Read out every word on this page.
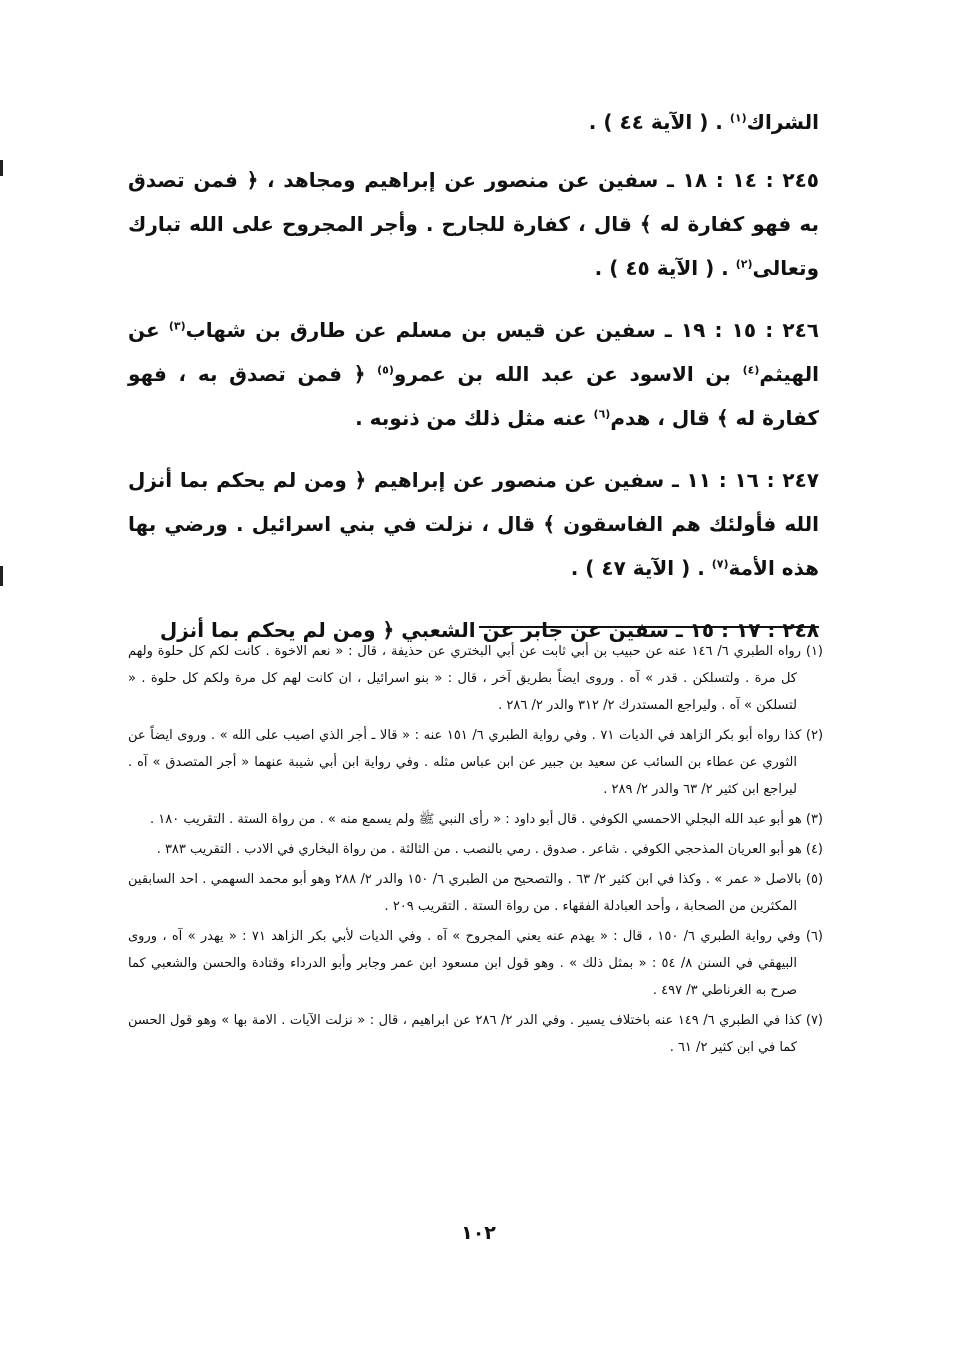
الشراك$^{(١)}$ . ( الآية ٤٤ ) .

٢٤٥ : ١٤ : ١٨ ـ سفين عن منصور عن إبراهيم ومجاهد ، ﴿ فمن تصدق به فهو كفارة له ﴾ قال ، كفارة للجارح . وأجر المجروح على الله تبارك وتعالى$^{(٢)}$ . ( الآية ٤٥ ) .

٢٤٦ : ١٥ : ١٩ ـ سفين عن قيس بن مسلم عن طارق بن شهاب$^{(٣)}$ عن الهيثم$^{(٤)}$ بن الاسود عن عبد الله بن عمرو$^{(٥)}$ ﴿ فمن تصدق به ، فهو كفارة له ﴾ قال ، هدم$^{(٦)}$ عنه مثل ذلك من ذنوبه .

٢٤٧ : ١٦ : ١١ ـ سفين عن منصور عن إبراهيم ﴿ ومن لم يحكم بما أنزل الله فأولئك هم الفاسقون ﴾ قال ، نزلت في بني اسرائيل . ورضي بها هذه الأمة$^{(٧)}$ . ( الآية ٤٧ ) .

٢٤٨ : ١٧ : ١٥ ـ سفين عن جابر عن الشعبي ﴿ ومن لم يحكم بما أنزل

(١) رواه الطبري ٦/ ١٤٦ عنه عن حبيب بن أبي ثابت عن أبي البختري عن حذيفة ، قال : « نعم الاخوة . كانت لكم كل حلوة ولهم كل مرة . ولتسلكن . قدر » آه . وروى ايضاً بطريق آخر ، قال : « بنو اسرائيل ، ان كانت لهم كل مرة ولكم كل حلوة . « لتسلكن » آه . وليراجع المستدرك ٢/ ٣١٢ والدر ٢/ ٢٨٦ .

(٢) كذا رواه أبو بكر الزاهد في الديات ٧١ . وفي رواية الطبري ٦/ ١٥١ عنه : « قالا ـ أجر الذي اصيب على الله » . وروى ايضاً عن الثوري عن عطاء بن السائب عن سعيد بن جبير عن ابن عباس مثله . وفي رواية ابن أبي شيبة عنهما « أجر المتصدق » آه . ليراجع ابن كثير ٢/ ٦٣ والدر ٢/ ٢٨٩ .

(٣) هو أبو عبد الله البجلي الاحمسي الكوفي . قال أبو داود : « رأى النبي ﷺ ولم يسمع منه » . من رواة الستة . التقريب ١٨٠ .

(٤) هو أبو العريان المذحجي الكوفي . شاعر . صدوق . رمي بالنصب . من الثالثة . من رواة البخاري في الادب . التقريب ٣٨٣ .

(٥) بالاصل « عمر » . وكذا في ابن كثير ٢/ ٦٣ . والتصحيح من الطبري ٦/ ١٥٠ والدر ٢/ ٢٨٨ وهو أبو محمد السهمي . احد السابقين المكثرين من الصحابة ، وأحد العبادلة الفقهاء . من رواة الستة . التقريب ٢٠٩ .

(٦) وفي رواية الطبري ٦/ ١٥٠ ، قال : « يهدم عنه يعني المجروح » آه . وفي الديات لأبي بكر الزاهد ٧١ : « يهدر » آه ، وروى البيهقي في السنن ٨/ ٥٤ : « بمثل ذلك » . وهو قول ابن مسعود ابن عمر وجابر وأبو الدرداء وقتادة والحسن والشعبي كما صرح به الغرناطي ٣/ ٤٩٧ .

(٧) كذا في الطبري ٦/ ١٤٩ عنه باختلاف يسير . وفي الدر ٢/ ٢٨٦ عن ابراهيم ، قال : « نزلت الآيات . الامة بها » وهو قول الحسن كما في ابن كثير ٢/ ٦١ .

١٠٢
